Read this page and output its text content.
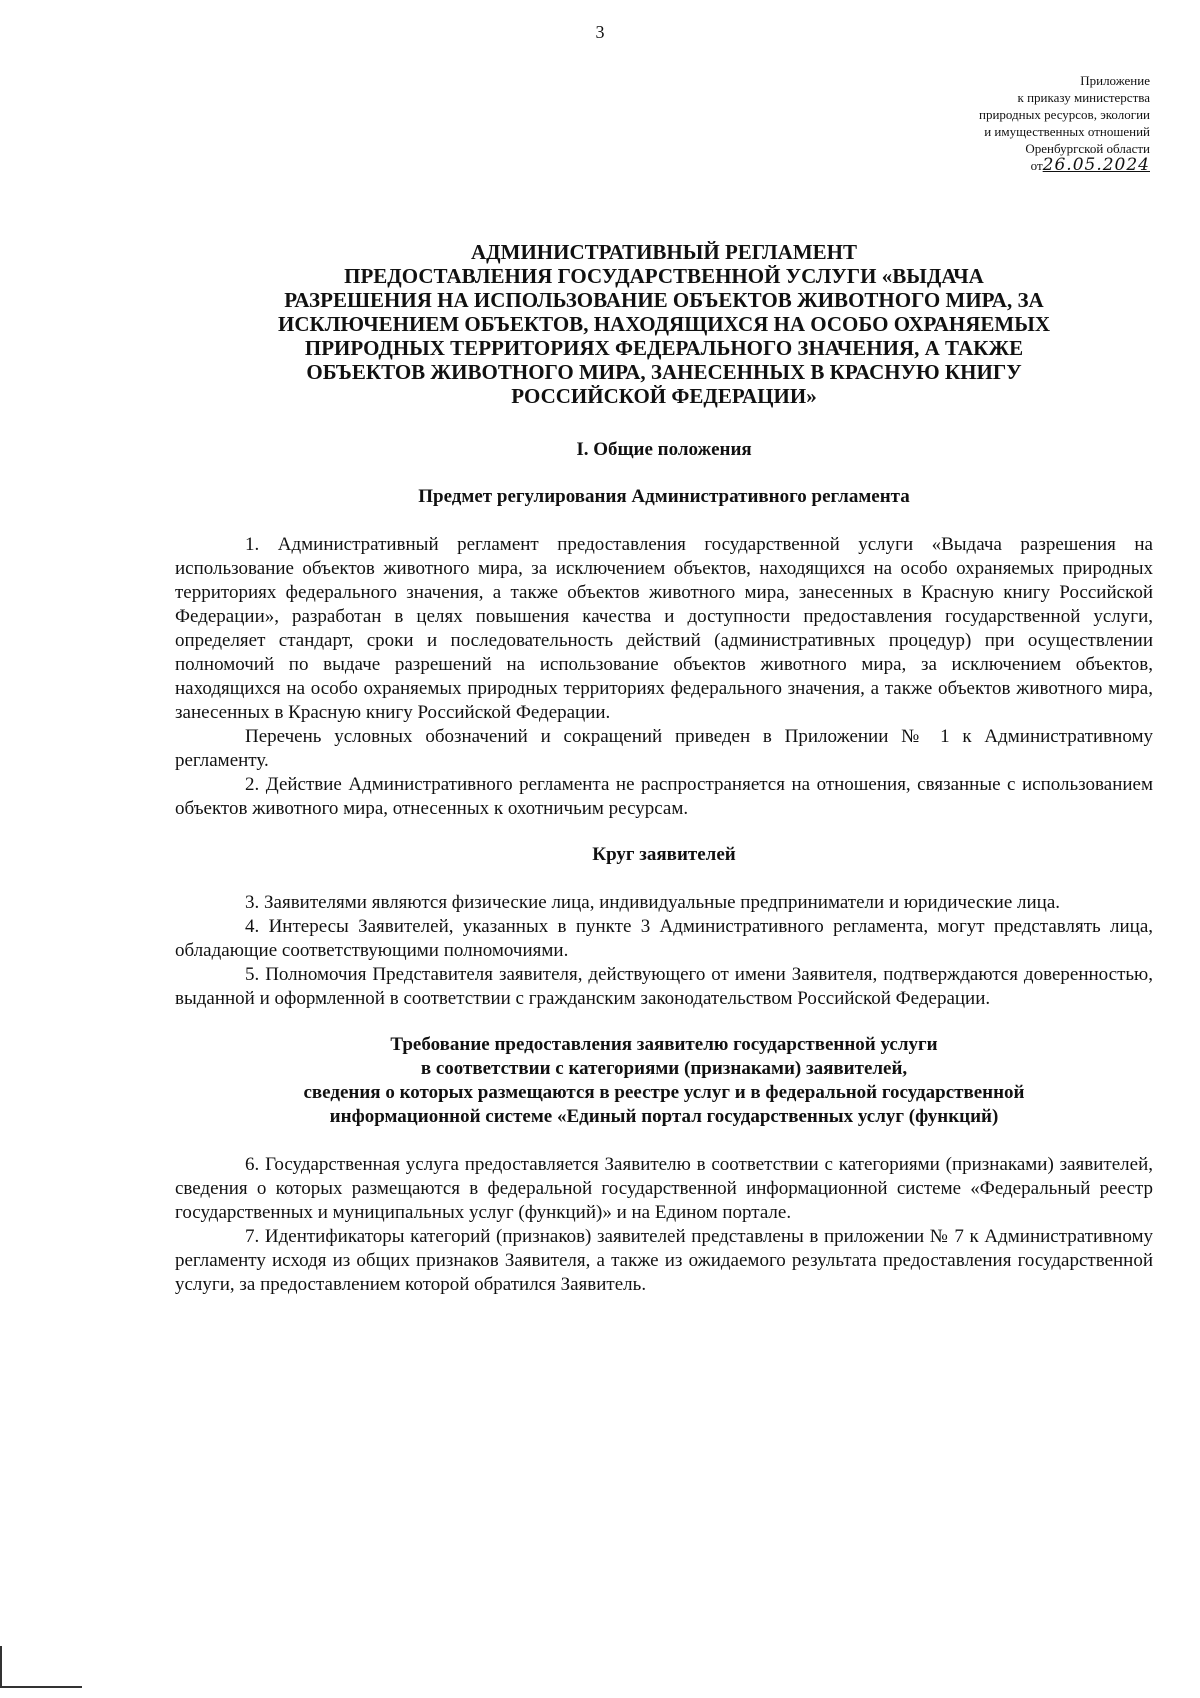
3
Приложение
к приказу министерства
природных ресурсов, экологии
и имущественных отношений
Оренбургской области
от26.05.2024
АДМИНИСТРАТИВНЫЙ РЕГЛАМЕНТ
ПРЕДОСТАВЛЕНИЯ ГОСУДАРСТВЕННОЙ УСЛУГИ «ВЫДАЧА
РАЗРЕШЕНИЯ НА ИСПОЛЬЗОВАНИЕ ОБЪЕКТОВ ЖИВОТНОГО МИРА, ЗА
ИСКЛЮЧЕНИЕМ ОБЪЕКТОВ, НАХОДЯЩИХСЯ НА ОСОБО ОХРАНЯЕМЫХ
ПРИРОДНЫХ ТЕРРИТОРИЯХ ФЕДЕРАЛЬНОГО ЗНАЧЕНИЯ, А ТАКЖЕ
ОБЪЕКТОВ ЖИВОТНОГО МИРА, ЗАНЕСЕННЫХ В КРАСНУЮ КНИГУ
РОССИЙСКОЙ ФЕДЕРАЦИИ»
I. Общие положения
Предмет регулирования Административного регламента

1. Административный регламент предоставления государственной услуги «Выдача разрешения на использование объектов животного мира, за исключением объектов, находящихся на особо охраняемых природных территориях федерального значения, а также объектов животного мира, занесенных в Красную книгу Российской Федерации», разработан в целях повышения качества и доступности предоставления государственной услуги, определяет стандарт, сроки и последовательность действий (административных процедур) при осуществлении полномочий по выдаче разрешений на использование объектов животного мира, за исключением объектов, находящихся на особо охраняемых природных территориях федерального значения, а также объектов животного мира, занесенных в Красную книгу Российской Федерации.

Перечень условных обозначений и сокращений приведен в Приложении № 1 к Административному регламенту.

2. Действие Административного регламента не распространяется на отношения, связанные с использованием объектов животного мира, отнесенных к охотничьим ресурсам.

Круг заявителей

3. Заявителями являются физические лица, индивидуальные предприниматели и юридические лица.

4. Интересы Заявителей, указанных в пункте 3 Административного регламента, могут представлять лица, обладающие соответствующими полномочиями.

5. Полномочия Представителя заявителя, действующего от имени Заявителя, подтверждаются доверенностью, выданной и оформленной в соответствии с гражданским законодательством Российской Федерации.

Требование предоставления заявителю государственной услуги
в соответствии с категориями (признаками) заявителей,
сведения о которых размещаются в реестре услуг и в федеральной государственной
информационной системе «Единый портал государственных услуг (функций)

6. Государственная услуга предоставляется Заявителю в соответствии с категориями (признаками) заявителей, сведения о которых размещаются в федеральной государственной информационной системе «Федеральный реестр государственных и муниципальных услуг (функций)» и на Едином портале.

7. Идентификаторы категорий (признаков) заявителей представлены в приложении № 7 к Административному регламенту исходя из общих признаков Заявителя, а также из ожидаемого результата предоставления государственной услуги, за предоставлением которой обратился Заявитель.
